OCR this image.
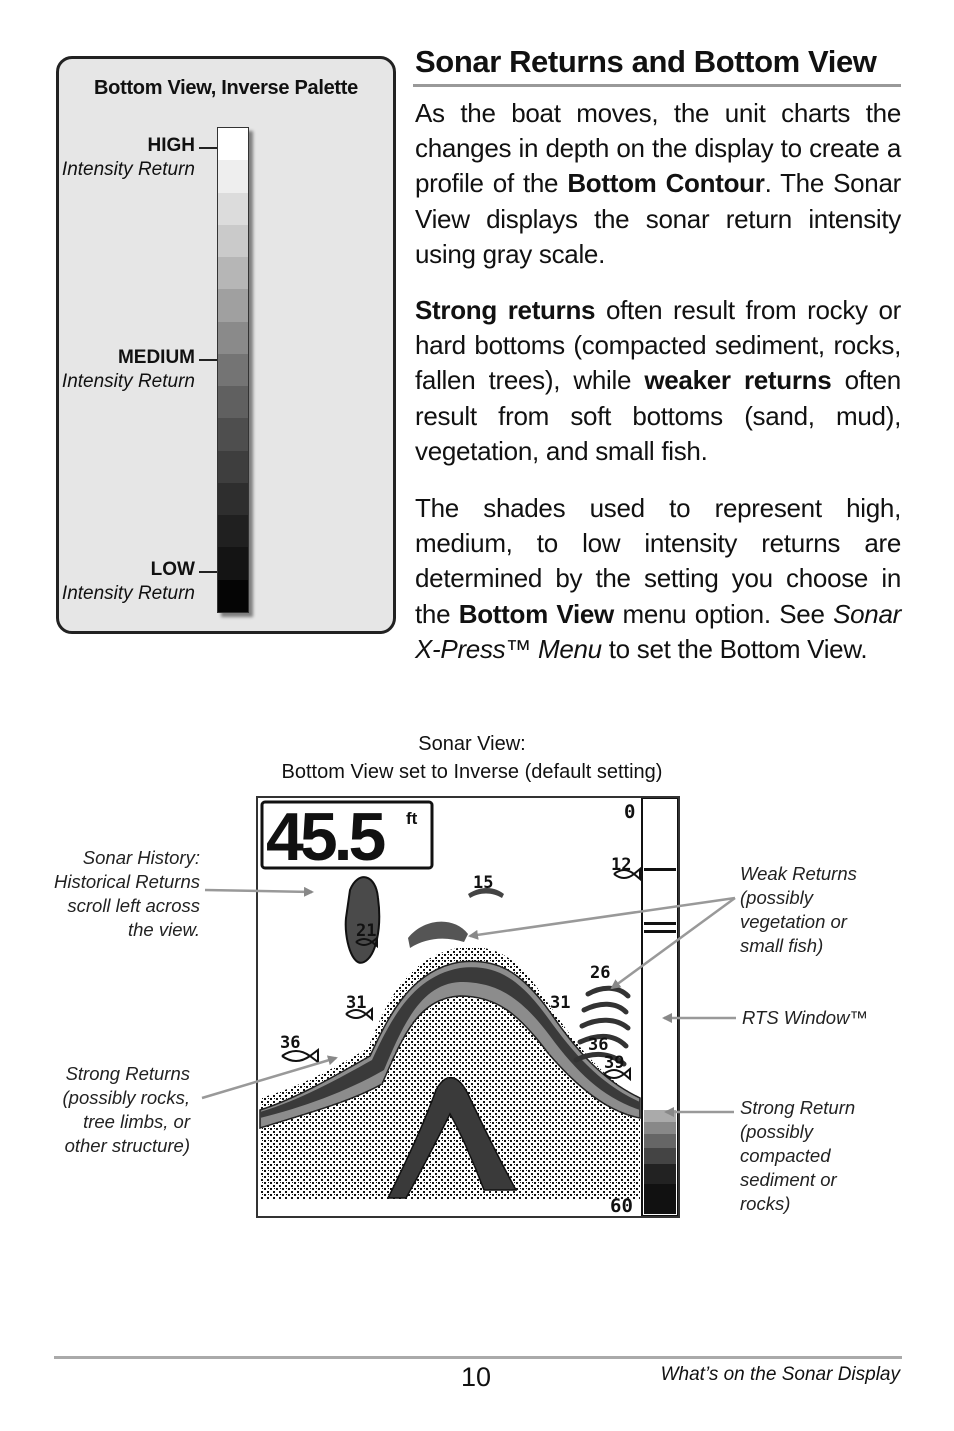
Bottom View, Inverse Palette
HIGH
Intensity Return
MEDIUM
Intensity Return
LOW
Intensity Return
Sonar Returns and Bottom View
As the boat moves, the unit charts the changes in depth on the display to create a profile of the Bottom Contour. The Sonar View displays the sonar return intensity using gray scale.
Strong returns often result from rocky or hard bottoms (compacted sediment, rocks, fallen trees), while weaker returns often result from soft bottoms (sand, mud), vegetation, and small fish.
The shades used to represent high, medium, to low intensity returns are determined by the setting you choose in the Bottom View menu option. See Sonar X-Press™ Menu to set the Bottom View.
Sonar View:
Bottom View set to Inverse (default setting)
45.5 ft
12
15
21
31
36
31
26
36
39
0
60
Sonar History:
Historical Returns
scroll left across
the view.
Strong Returns
(possibly rocks,
tree limbs, or
other structure)
Weak Returns
(possibly
vegetation or
small fish)
RTS Window™
Strong Return
(possibly
compacted
sediment or
rocks)
10	What’s on the Sonar Display
